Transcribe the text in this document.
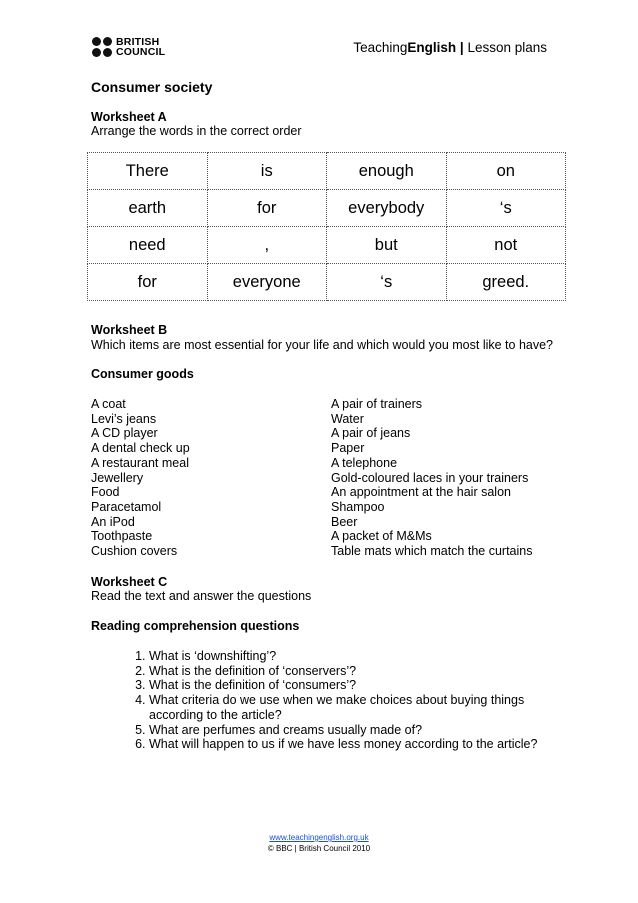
BRITISH
COUNCIL	TeachingEnglish | Lesson plans
Consumer society
Worksheet A
Arrange the words in the correct order
There	is	enough	on
earth	for	everybody	‘s
need	,	but	not
for	everyone	‘s	greed.
Worksheet B
Which items are most essential for your life and which would you most like to have?
Consumer goods
A coat
Levi’s jeans
A CD player
A dental check up
A restaurant meal
Jewellery
Food
Paracetamol
An iPod
Toothpaste
Cushion covers
A pair of trainers
Water
A pair of jeans
Paper
A telephone
Gold-coloured laces in your trainers
An appointment at the hair salon
Shampoo
Beer
A packet of M&Ms
Table mats which match the curtains
Worksheet C
Read the text and answer the questions
Reading comprehension questions
1. What is ‘downshifting’?
2. What is the definition of ‘conservers’?
3. What is the definition of ‘consumers’?
4. What criteria do we use when we make choices about buying things according to the article?
5. What are perfumes and creams usually made of?
6. What will happen to us if we have less money according to the article?
www.teachingenglish.org.uk
© BBC | British Council 2010
